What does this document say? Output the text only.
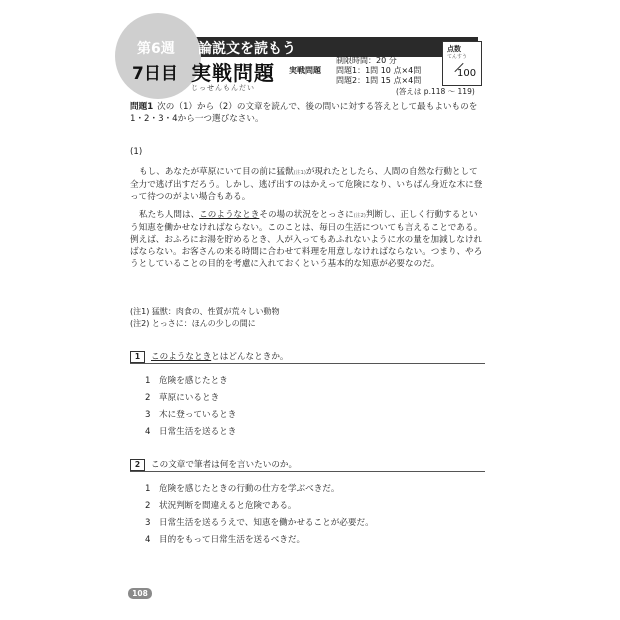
第6週 論説文を読もう
7日目 実戦問題
じっせんもんだい
実戦問題
制限時間：20 分
問題1：1問 10 点×4問
問題2：1問 15 点×4問
点数
てんすう
100
(答えは p.118 ～ 119)
問題1 次の（1）から（2）の文章を読んで、後の問いに対する答えとして最もよいものを1・2・3・4から一つ選びなさい。
(1)
もし、あなたが草原にいて目の前に猛獣(注1)が現れたとしたら、人間の自然な行動として全力で逃げ出すだろう。しかし、逃げ出すのはかえって危険になり、いちばん身近な木に登って待つのがよい場合もある。
私たち人間は、このようなときその場の状況をとっさに(注2)判断し、正しく行動するという知恵を働かせなければならない。このことは、毎日の生活についても言えることである。例えば、おふろにお湯を貯めるとき、人が入ってもあふれないように水の量を加減しなければならない。お客さんの来る時間に合わせて料理を用意しなければならない。つまり、やろうとしていることの目的を考慮に入れておくという基本的な知恵が必要なのだ。
(注1) 猛獣：肉食の、性質が荒々しい動物
(注2) とっさに：ほんの少しの間に
1 このようなときとはどんなときか。
1 危険を感じたとき
2 草原にいるとき
3 木に登っているとき
4 日常生活を送るとき
2 この文章で筆者は何を言いたいのか。
1 危険を感じたときの行動の仕方を学ぶべきだ。
2 状況判断を間違えると危険である。
3 日常生活を送るうえで、知恵を働かせることが必要だ。
4 目的をもって日常生活を送るべきだ。
108
